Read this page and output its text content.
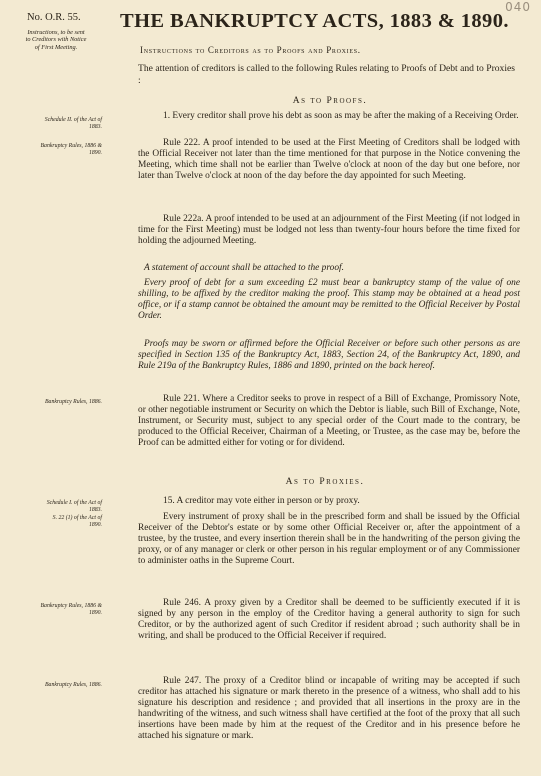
040
No. O.R. 55.
Instructions, to be sent to Creditors with Notice of First Meeting.
THE BANKRUPTCY ACTS, 1883 & 1890.
Instructions to Creditors as to Proofs and Proxies.
The attention of creditors is called to the following Rules relating to Proofs of Debt and to Proxies :
As to Proofs.
Schedule II. of the Act of 1883.
1. Every creditor shall prove his debt as soon as may be after the making of a Receiving Order.
Bankruptcy Rules, 1886 & 1890.
Rule 222. A proof intended to be used at the First Meeting of Creditors shall be lodged with the Official Receiver not later than the time mentioned for that purpose in the Notice convening the Meeting, which time shall not be earlier than Twelve o'clock at noon of the day but one before, nor later than Twelve o'clock at noon of the day before the day appointed for such Meeting.
Rule 222a. A proof intended to be used at an adjournment of the First Meeting (if not lodged in time for the First Meeting) must be lodged not less than twenty-four hours before the time fixed for holding the adjourned Meeting.
A statement of account shall be attached to the proof.
Every proof of debt for a sum exceeding £2 must bear a bankruptcy stamp of the value of one shilling, to be affixed by the creditor making the proof. This stamp may be obtained at a head post office, or if a stamp cannot be obtained the amount may be remitted to the Official Receiver by Postal Order.
Proofs may be sworn or affirmed before the Official Receiver or before such other persons as are specified in Section 135 of the Bankruptcy Act, 1883, Section 24, of the Bankruptcy Act, 1890, and Rule 219a of the Bankruptcy Rules, 1886 and 1890, printed on the back hereof.
Bankruptcy Rules, 1886.	Rule 221. Where a Creditor seeks to prove in respect of a Bill of Exchange, Promissory Note, or other negotiable instrument or Security on which the Debtor is liable, such Bill of Exchange, Note, Instrument, or Security must, subject to any special order of the Court made to the contrary, be produced to the Official Receiver, Chairman of a Meeting, or Trustee, as the case may be, before the Proof can be admitted either for voting or for dividend.
As to Proxies.
Schedule I. of the Act of 1883.
15. A creditor may vote either in person or by proxy.
S. 22 (1) of the Act of 1890.
Every instrument of proxy shall be in the prescribed form and shall be issued by the Official Receiver of the Debtor's estate or by some other Official Receiver or, after the appointment of a trustee, by the trustee, and every insertion therein shall be in the handwriting of the person giving the proxy, or of any manager or clerk or other person in his regular employment or of any Commissioner to administer oaths in the Supreme Court.
Bankruptcy Rules, 1886 & 1890.
Rule 246. A proxy given by a Creditor shall be deemed to be sufficiently executed if it is signed by any person in the employ of the Creditor having a general authority to sign for such Creditor, or by the authorized agent of such Creditor if resident abroad ; such authority shall be in writing, and shall be produced to the Official Receiver if required.
Bankruptcy Rules, 1886.	Rule 247. The proxy of a Creditor blind or incapable of writing may be accepted if such creditor has attached his signature or mark thereto in the presence of a witness, who shall add to his signature his description and residence ; and provided that all insertions in the proxy are in the handwriting of the witness, and such witness shall have certified at the foot of the proxy that all such insertions have been made by him at the request of the Creditor and in his presence before he attached his signature or mark.
